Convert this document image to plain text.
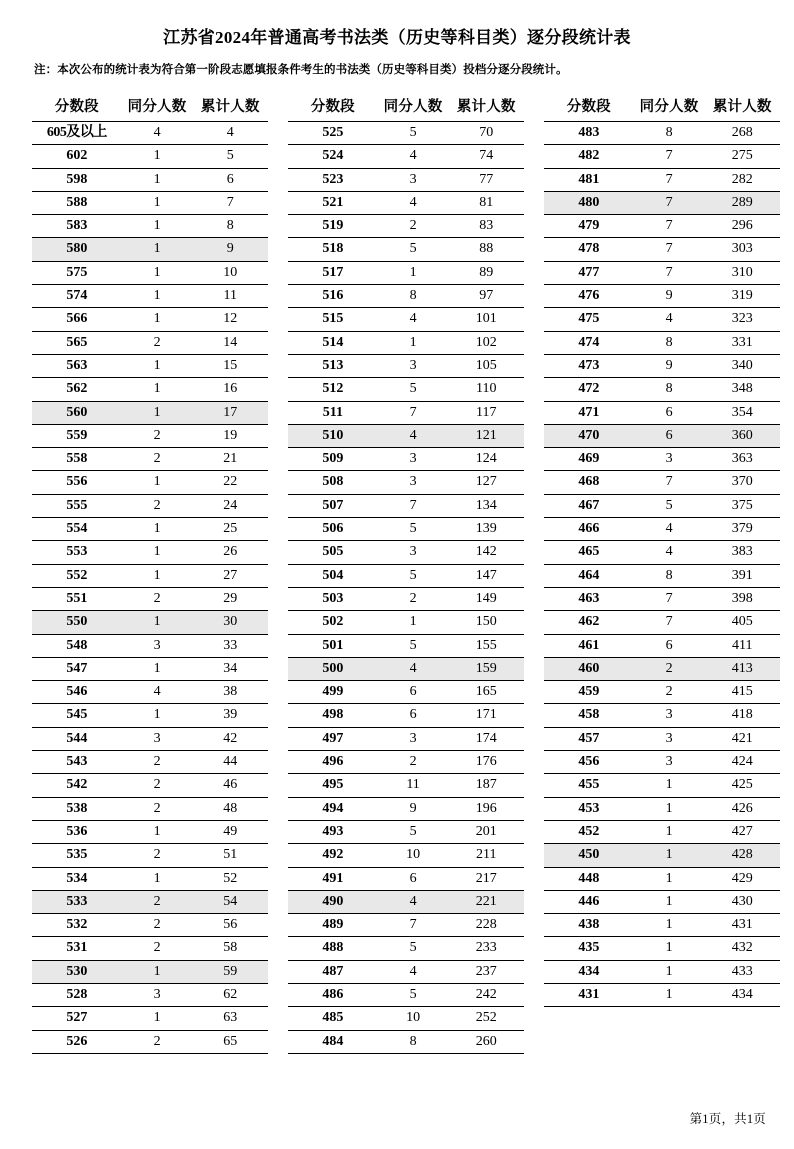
江苏省2024年普通高考书法类（历史等科目类）逐分段统计表
注：本次公布的统计表为符合第一阶段志愿填报条件考生的书法类（历史等科目类）投档分逐分段统计。
分数段	同分人数	累计人数
605及以上	4	4
602	1	5
598	1	6
588	1	7
583	1	8
580	1	9
575	1	10
574	1	11
566	1	12
565	2	14
563	1	15
562	1	16
560	1	17
559	2	19
558	2	21
556	1	22
555	2	24
554	1	25
553	1	26
552	1	27
551	2	29
550	1	30
548	3	33
547	1	34
546	4	38
545	1	39
544	3	42
543	2	44
542	2	46
538	2	48
536	1	49
535	2	51
534	1	52
533	2	54
532	2	56
531	2	58
530	1	59
528	3	62
527	1	63
526	2	65
分数段	同分人数	累计人数
525	5	70
524	4	74
523	3	77
521	4	81
519	2	83
518	5	88
517	1	89
516	8	97
515	4	101
514	1	102
513	3	105
512	5	110
511	7	117
510	4	121
509	3	124
508	3	127
507	7	134
506	5	139
505	3	142
504	5	147
503	2	149
502	1	150
501	5	155
500	4	159
499	6	165
498	6	171
497	3	174
496	2	176
495	11	187
494	9	196
493	5	201
492	10	211
491	6	217
490	4	221
489	7	228
488	5	233
487	4	237
486	5	242
485	10	252
484	8	260
分数段	同分人数	累计人数
483	8	268
482	7	275
481	7	282
480	7	289
479	7	296
478	7	303
477	7	310
476	9	319
475	4	323
474	8	331
473	9	340
472	8	348
471	6	354
470	6	360
469	3	363
468	7	370
467	5	375
466	4	379
465	4	383
464	8	391
463	7	398
462	7	405
461	6	411
460	2	413
459	2	415
458	3	418
457	3	421
456	3	424
455	1	425
453	1	426
452	1	427
450	1	428
448	1	429
446	1	430
438	1	431
435	1	432
434	1	433
431	1	434
第1页，共1页
